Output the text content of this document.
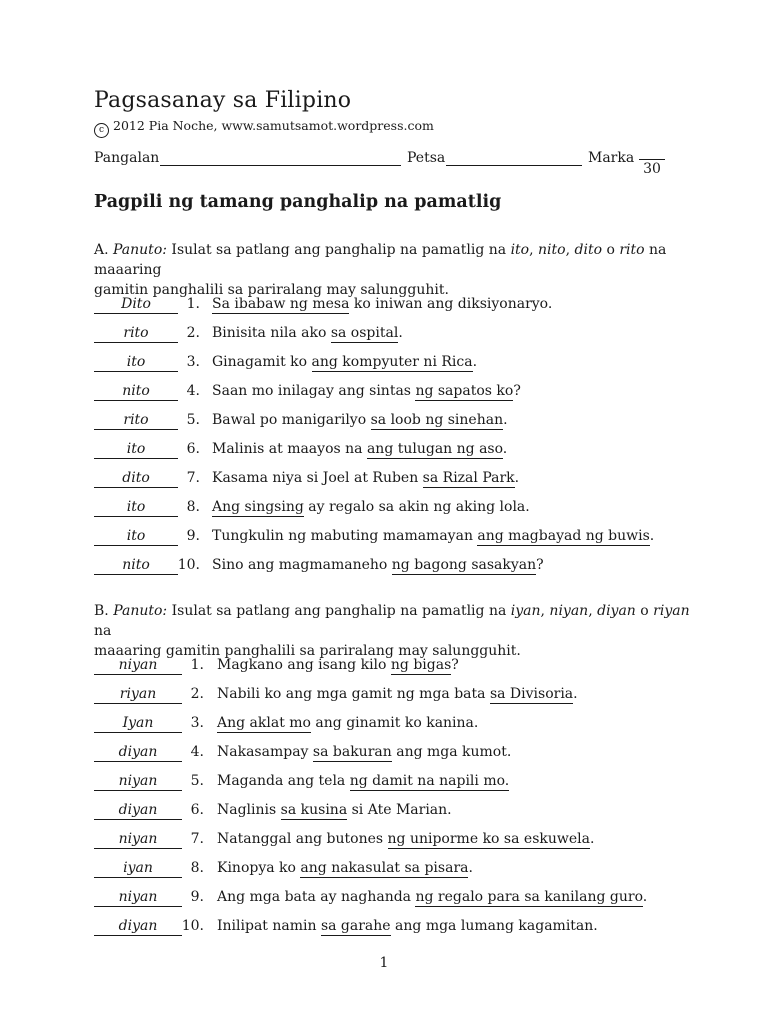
Pagsasanay sa Filipino
c 2012 Pia Noche, www.samutsamot.wordpress.com
Pangalan	Petsa	Marka
30
Pagpili ng tamang panghalip na pamatlig
A. Panuto: Isulat sa patlang ang panghalip na pamatlig na ito, nito, dito o rito na maaaring
gamitin panghalili sa pariralang may salungguhit.
Dito	1. Sa ibabaw ng mesa ko iniwan ang diksiyonaryo.
rito	2. Binisita nila ako sa ospital.
ito	3. Ginagamit ko ang kompyuter ni Rica.
nito	4. Saan mo inilagay ang sintas ng sapatos ko?
rito	5. Bawal po manigarilyo sa loob ng sinehan.
ito	6. Malinis at maayos na ang tulugan ng aso.
dito	7. Kasama niya si Joel at Ruben sa Rizal Park.
ito	8. Ang singsing ay regalo sa akin ng aking lola.
ito	9. Tungkulin ng mabuting mamamayan ang magbayad ng buwis.
nito	10. Sino ang magmamaneho ng bagong sasakyan?
B. Panuto: Isulat sa patlang ang panghalip na pamatlig na iyan, niyan, diyan o riyan na
maaaring gamitin panghalili sa pariralang may salungguhit.
niyan	1. Magkano ang isang kilo ng bigas?
riyan	2. Nabili ko ang mga gamit ng mga bata sa Divisoria.
Iyan	3. Ang aklat mo ang ginamit ko kanina.
diyan	4. Nakasampay sa bakuran ang mga kumot.
niyan	5. Maganda ang tela ng damit na napili mo.
diyan	6. Naglinis sa kusina si Ate Marian.
niyan	7. Natanggal ang butones ng uniporme ko sa eskuwela.
iyan	8. Kinopya ko ang nakasulat sa pisara.
niyan	9. Ang mga bata ay naghanda ng regalo para sa kanilang guro.
diyan	10. Inilipat namin sa garahe ang mga lumang kagamitan.
1
